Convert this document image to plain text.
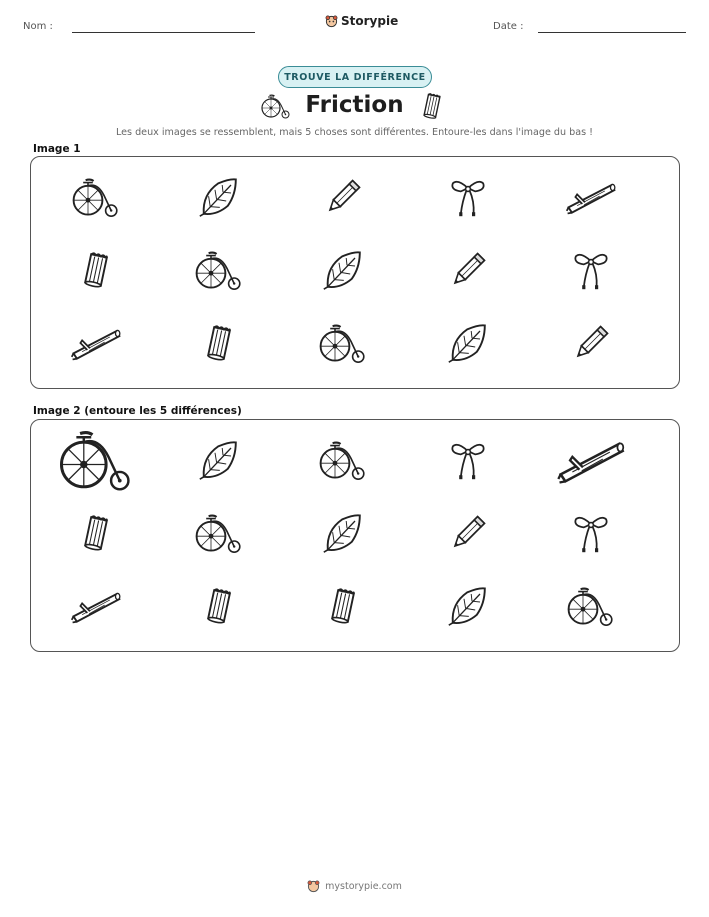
Nom :	Storypie	Date :
TROUVE LA DIFFÉRENCE
Friction
Les deux images se ressemblent, mais 5 choses sont différentes. Entoure-les dans l'image du bas !
Image 1
Image 2 (entoure les 5 différences)
mystorypie.com
